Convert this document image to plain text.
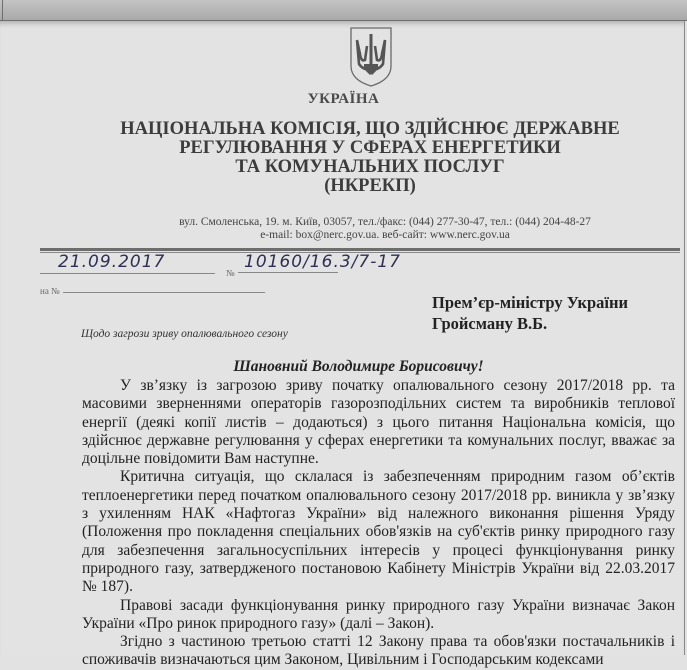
УКРАЇНА
НАЦІОНАЛЬНА КОМІСІЯ, ЩО ЗДІЙСНЮЄ ДЕРЖАВНЕ
РЕГУЛЮВАННЯ У СФЕРАХ ЕНЕРГЕТИКИ
ТА КОМУНАЛЬНИХ ПОСЛУГ
(НКРЕКП)
вул. Смоленська, 19. м. Київ, 03057, тел./факс: (044) 277-30-47, тел.: (044) 204-48-27
e-mail: box@nerc.gov.ua. веб-сайт: www.nerc.gov.ua
21.09.2017
№
10160/16.3/7-17
на №
Прем’єр-міністру України
Гройсману В.Б.
Щодо загрози зриву опалювального сезону
Шановний Володимире Борисовичу!

У зв’язку із загрозою зриву початку опалювального сезону 2017/2018 рр. та масовими зверненнями операторів газорозподільних систем та виробників теплової енергії (деякі копії листів – додаються) з цього питання Національна комісія, що здійснює державне регулювання у сферах енергетики та комунальних послуг, вважає за доцільне повідомити Вам наступне.

Критична ситуація, що склалася із забезпеченням природним газом об’єктів теплоенергетики перед початком опалювального сезону 2017/2018 рр. виникла у зв’язку з ухиленням НАК «Нафтогаз України» від належного виконання рішення Уряду (Положення про покладення спеціальних обов'язків на суб'єктів ринку природного газу для забезпечення загальносуспільних інтересів у процесі функціонування ринку природного газу, затвердженого постановою Кабінету Міністрів України від 22.03.2017 № 187).

Правові засади функціонування ринку природного газу України визначає Закон України «Про ринок природного газу» (далі – Закон).

Згідно з частиною третьою статті 12 Закону права та обов'язки постачальників і споживачів визначаються цим Законом, Цивільним і Господарським кодексами
